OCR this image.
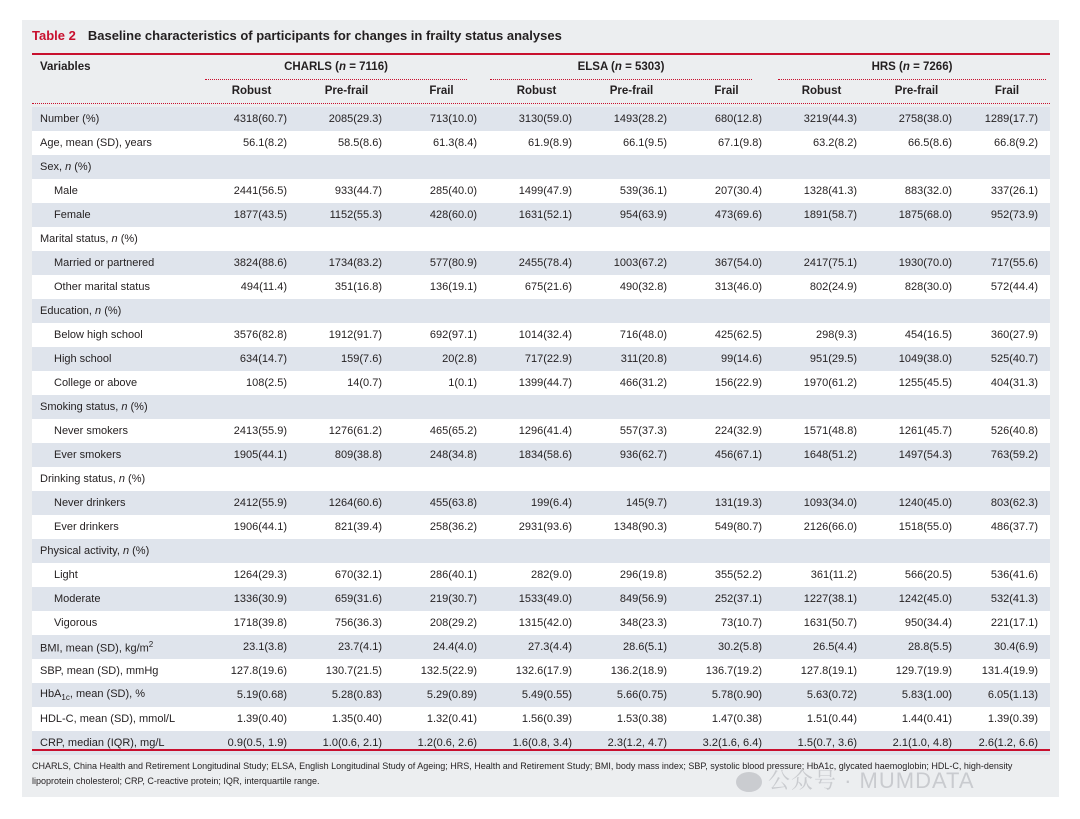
Table 2 Baseline characteristics of participants for changes in frailty status analyses
Variables	CHARLS (n = 7116)	ELSA (n = 5303)	HRS (n = 7266)
Robust	Pre-frail	Frail	Robust	Pre-frail	Frail	Robust	Pre-frail	Frail
Number (%)	4318(60.7)	2085(29.3)	713(10.0)	3130(59.0)	1493(28.2)	680(12.8)	3219(44.3)	2758(38.0)	1289(17.7)
Age, mean (SD), years	56.1(8.2)	58.5(8.6)	61.3(8.4)	61.9(8.9)	66.1(9.5)	67.1(9.8)	63.2(8.2)	66.5(8.6)	66.8(9.2)
Sex, n (%)									
Male	2441(56.5)	933(44.7)	285(40.0)	1499(47.9)	539(36.1)	207(30.4)	1328(41.3)	883(32.0)	337(26.1)
Female	1877(43.5)	1152(55.3)	428(60.0)	1631(52.1)	954(63.9)	473(69.6)	1891(58.7)	1875(68.0)	952(73.9)
Marital status, n (%)									
Married or partnered	3824(88.6)	1734(83.2)	577(80.9)	2455(78.4)	1003(67.2)	367(54.0)	2417(75.1)	1930(70.0)	717(55.6)
Other marital status	494(11.4)	351(16.8)	136(19.1)	675(21.6)	490(32.8)	313(46.0)	802(24.9)	828(30.0)	572(44.4)
Education, n (%)									
Below high school	3576(82.8)	1912(91.7)	692(97.1)	1014(32.4)	716(48.0)	425(62.5)	298(9.3)	454(16.5)	360(27.9)
High school	634(14.7)	159(7.6)	20(2.8)	717(22.9)	311(20.8)	99(14.6)	951(29.5)	1049(38.0)	525(40.7)
College or above	108(2.5)	14(0.7)	1(0.1)	1399(44.7)	466(31.2)	156(22.9)	1970(61.2)	1255(45.5)	404(31.3)
Smoking status, n (%)									
Never smokers	2413(55.9)	1276(61.2)	465(65.2)	1296(41.4)	557(37.3)	224(32.9)	1571(48.8)	1261(45.7)	526(40.8)
Ever smokers	1905(44.1)	809(38.8)	248(34.8)	1834(58.6)	936(62.7)	456(67.1)	1648(51.2)	1497(54.3)	763(59.2)
Drinking status, n (%)									
Never drinkers	2412(55.9)	1264(60.6)	455(63.8)	199(6.4)	145(9.7)	131(19.3)	1093(34.0)	1240(45.0)	803(62.3)
Ever drinkers	1906(44.1)	821(39.4)	258(36.2)	2931(93.6)	1348(90.3)	549(80.7)	2126(66.0)	1518(55.0)	486(37.7)
Physical activity, n (%)									
Light	1264(29.3)	670(32.1)	286(40.1)	282(9.0)	296(19.8)	355(52.2)	361(11.2)	566(20.5)	536(41.6)
Moderate	1336(30.9)	659(31.6)	219(30.7)	1533(49.0)	849(56.9)	252(37.1)	1227(38.1)	1242(45.0)	532(41.3)
Vigorous	1718(39.8)	756(36.3)	208(29.2)	1315(42.0)	348(23.3)	73(10.7)	1631(50.7)	950(34.4)	221(17.1)
BMI, mean (SD), $kg/m^2$	23.1(3.8)	23.7(4.1)	24.4(4.0)	27.3(4.4)	28.6(5.1)	30.2(5.8)	26.5(4.4)	28.8(5.5)	30.4(6.9)
SBP, mean (SD), mmHg	127.8(19.6)	130.7(21.5)	132.5(22.9)	132.6(17.9)	136.2(18.9)	136.7(19.2)	127.8(19.1)	129.7(19.9)	131.4(19.9)
HbA$_{1c}$, mean (SD), %	5.19(0.68)	5.28(0.83)	5.29(0.89)	5.49(0.55)	5.66(0.75)	5.78(0.90)	5.63(0.72)	5.83(1.00)	6.05(1.13)
HDL-C, mean (SD), mmol/L	1.39(0.40)	1.35(0.40)	1.32(0.41)	1.56(0.39)	1.53(0.38)	1.47(0.38)	1.51(0.44)	1.44(0.41)	1.39(0.39)
CRP, median (IQR), mg/L	0.9(0.5, 1.9)	1.0(0.6, 2.1)	1.2(0.6, 2.6)	1.6(0.8, 3.4)	2.3(1.2, 4.7)	3.2(1.6, 6.4)	1.5(0.7, 3.6)	2.1(1.0, 4.8)	2.6(1.2, 6.6)
CHARLS, China Health and Retirement Longitudinal Study; ELSA, English Longitudinal Study of Ageing; HRS, Health and Retirement Study; BMI, body mass index; SBP, systolic blood pressure; HbA1c, glycated haemoglobin; HDL-C, high-density lipoprotein cholesterol; CRP, C-reactive protein; IQR, interquartile range.	公众号 · MUMDATA
